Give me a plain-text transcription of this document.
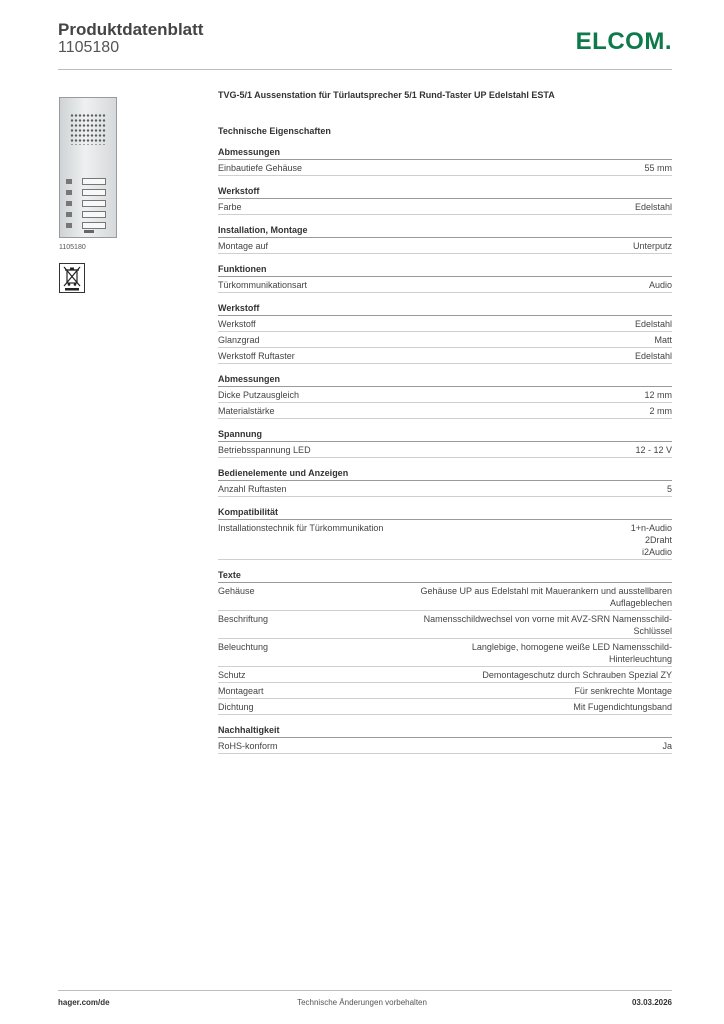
Produktdatenblatt
1105180	ELCOM.
1105180
TVG-5/1 Aussenstation für Türlautsprecher 5/1 Rund-Taster UP Edelstahl ESTA
Technische Eigenschaften
Abmessungen
Einbautiefe Gehäuse	55 mm
Werkstoff
Farbe	Edelstahl
Installation, Montage
Montage auf	Unterputz
Funktionen
Türkommunikationsart	Audio
Werkstoff
Werkstoff	Edelstahl
Glanzgrad	Matt
Werkstoff Ruftaster	Edelstahl
Abmessungen
Dicke Putzausgleich	12 mm
Materialstärke	2 mm
Spannung
Betriebsspannung LED	12 - 12 V
Bedienelemente und Anzeigen
Anzahl Ruftasten	5
Kompatibilität
Installationstechnik für Türkommunikation	1+n-Audio
2Draht
i2Audio
Texte
Gehäuse	Gehäuse UP aus Edelstahl mit Mauerankern und ausstellbaren
Auflageblechen
Beschriftung	Namensschildwechsel von vorne mit AVZ-SRN Namensschild-
Schlüssel
Beleuchtung	Langlebige, homogene weiße LED Namensschild-
Hinterleuchtung
Schutz	Demontageschutz durch Schrauben Spezial ZY
Montageart	Für senkrechte Montage
Dichtung	Mit Fugendichtungsband
Nachhaltigkeit
RoHS-konform	Ja
hager.com/de	Technische Änderungen vorbehalten	03.03.2026
